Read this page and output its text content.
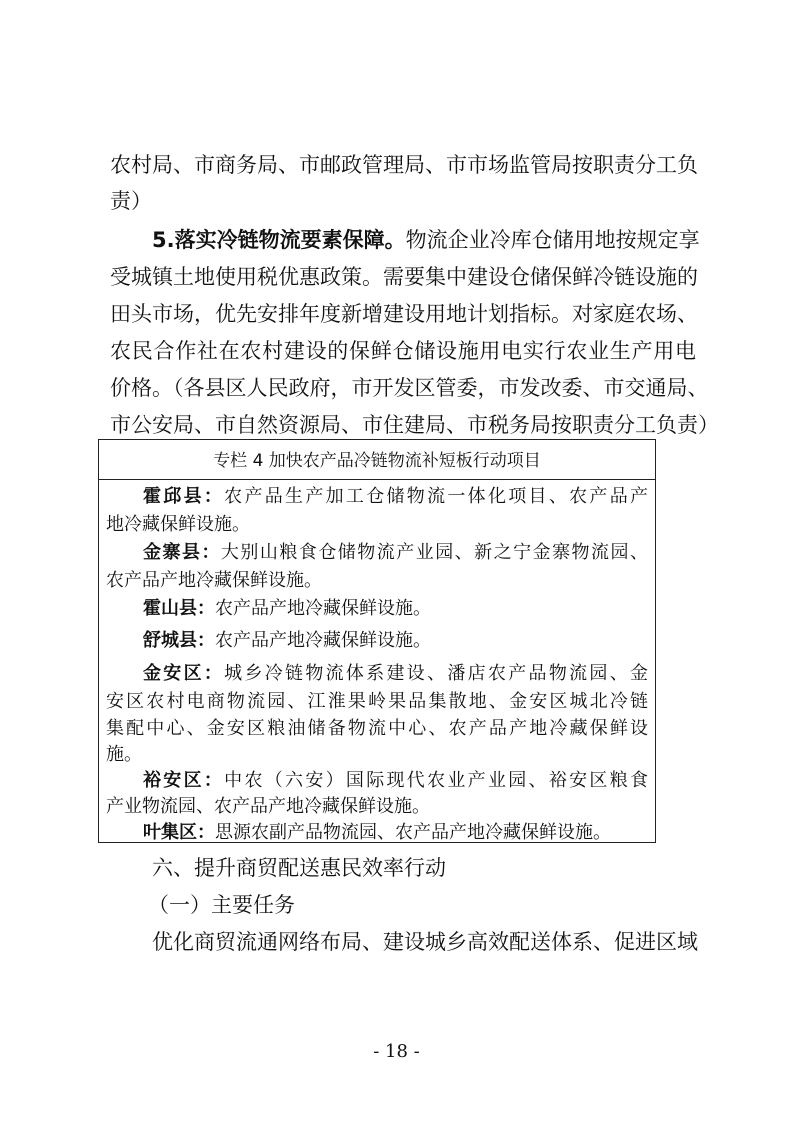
农村局、市商务局、市邮政管理局、市市场监管局按职责分工负
责）
5.落实冷链物流要素保障。物流企业冷库仓储用地按规定享
受城镇土地使用税优惠政策。需要集中建设仓储保鲜冷链设施的
田头市场，优先安排年度新增建设用地计划指标。对家庭农场、
农民合作社在农村建设的保鲜仓储设施用电实行农业生产用电
价格。（各县区人民政府，市开发区管委，市发改委、市交通局、
市公安局、市自然资源局、市住建局、市税务局按职责分工负责）
专栏 4 加快农产品冷链物流补短板行动项目
霍邱县：农产品生产加工仓储物流一体化项目、农产品产
地冷藏保鲜设施。
金寨县：大别山粮食仓储物流产业园、新之宁金寨物流园、
农产品产地冷藏保鲜设施。
霍山县：农产品产地冷藏保鲜设施。
舒城县：农产品产地冷藏保鲜设施。
金安区：城乡冷链物流体系建设、潘店农产品物流园、金
安区农村电商物流园、江淮果岭果品集散地、金安区城北冷链
集配中心、金安区粮油储备物流中心、农产品产地冷藏保鲜设
施。
裕安区：中农（六安）国际现代农业产业园、裕安区粮食
产业物流园、农产品产地冷藏保鲜设施。
叶集区：思源农副产品物流园、农产品产地冷藏保鲜设施。
六、提升商贸配送惠民效率行动
（一）主要任务
优化商贸流通网络布局、建设城乡高效配送体系、促进区域
- 18 -
